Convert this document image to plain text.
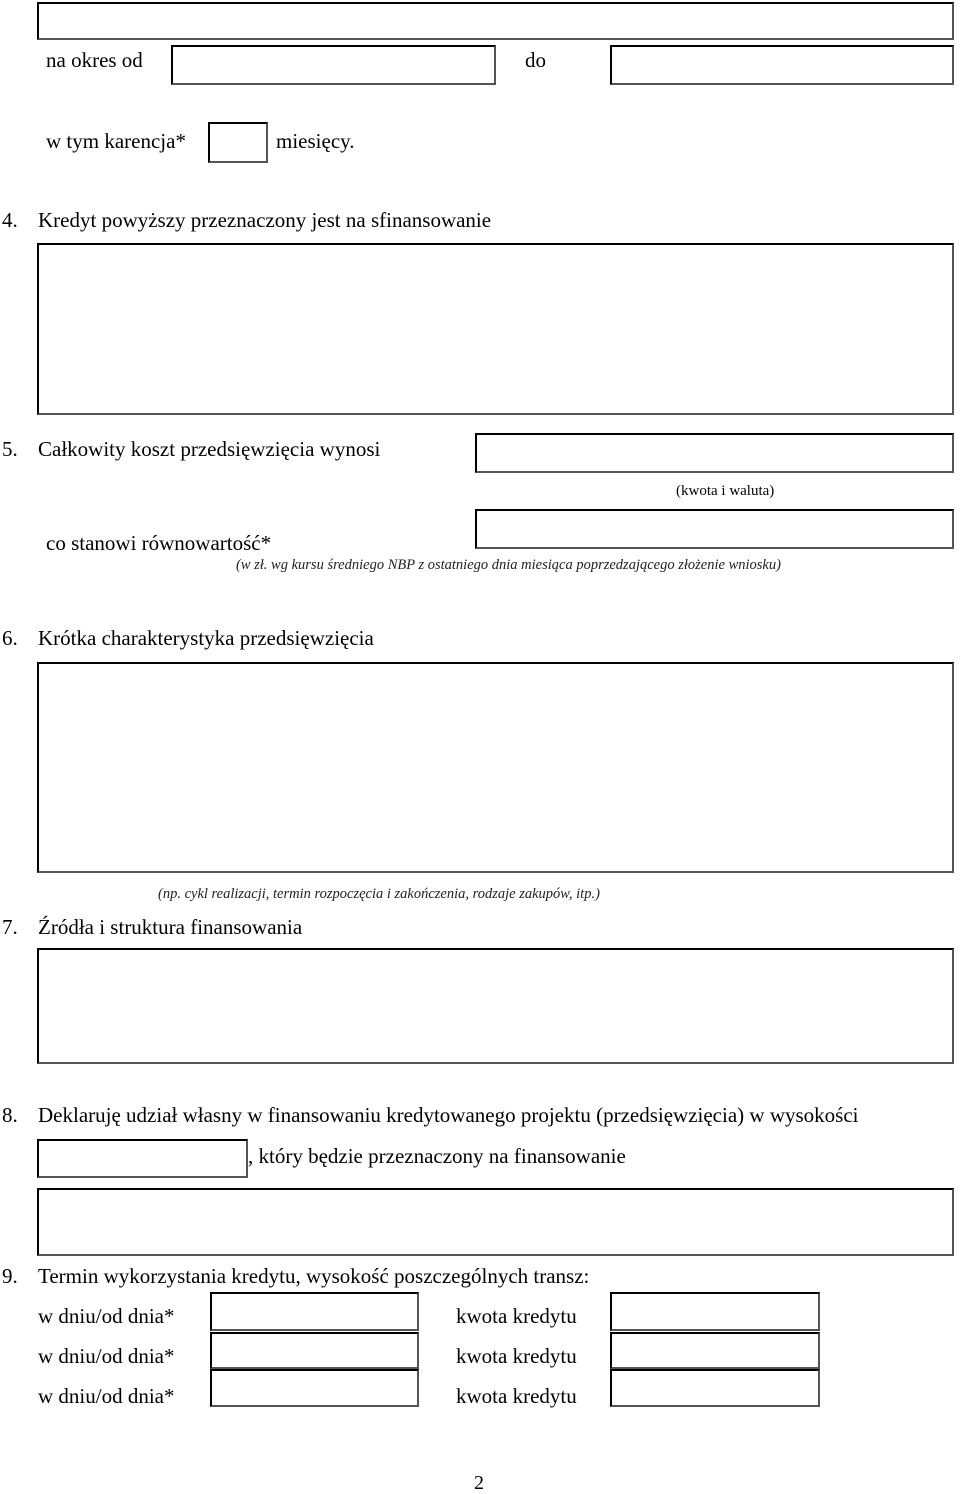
na okres od	do
w tym karencja*	miesięcy.
4. Kredyt powyższy przeznaczony jest na sfinansowanie
5. Całkowity koszt przedsięwzięcia wynosi
(kwota i waluta)
co stanowi równowartość*
(w zł. wg kursu średniego NBP z ostatniego dnia miesiąca poprzedzającego złożenie wniosku)
6. Krótka charakterystyka przedsięwzięcia
(np. cykl realizacji, termin rozpoczęcia i zakończenia, rodzaje zakupów, itp.)
7. Źródła i struktura finansowania
8. Deklaruję udział własny w finansowaniu kredytowanego projektu (przedsięwzięcia) w wysokości
, który będzie przeznaczony na finansowanie
9. Termin wykorzystania kredytu, wysokość poszczególnych transz:
w dniu/od dnia*	kwota kredytu
w dniu/od dnia*	kwota kredytu
w dniu/od dnia*	kwota kredytu
2
